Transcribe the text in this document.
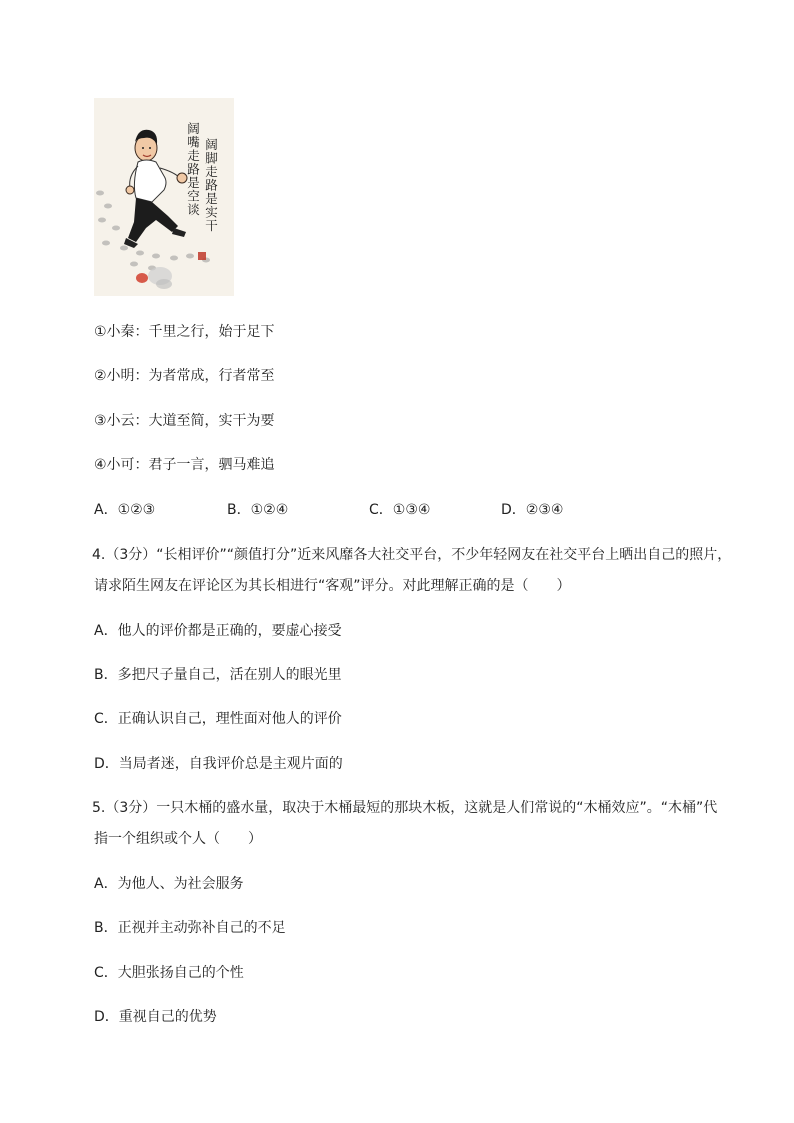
阔脚走路是实干
阔嘴走路是空谈
①小秦：千里之行，始于足下
②小明：为者常成，行者常至
③小云：大道至简，实干为要
④小可：君子一言，驷马难追
A．①②③	B．①②④	C．①③④	D．②③④
4.（3分）“长相评价”“颜值打分”近来风靡各大社交平台，不少年轻网友在社交平台上晒出自己的照片，
请求陌生网友在评论区为其长相进行“客观”评分。对此理解正确的是（　　）
A．他人的评价都是正确的，要虚心接受
B．多把尺子量自己，活在别人的眼光里
C．正确认识自己，理性面对他人的评价
D．当局者迷，自我评价总是主观片面的
5.（3分）一只木桶的盛水量，取决于木桶最短的那块木板，这就是人们常说的“木桶效应”。“木桶”代
指一个组织或个人（　　）
A．为他人、为社会服务
B．正视并主动弥补自己的不足
C．大胆张扬自己的个性
D．重视自己的优势
